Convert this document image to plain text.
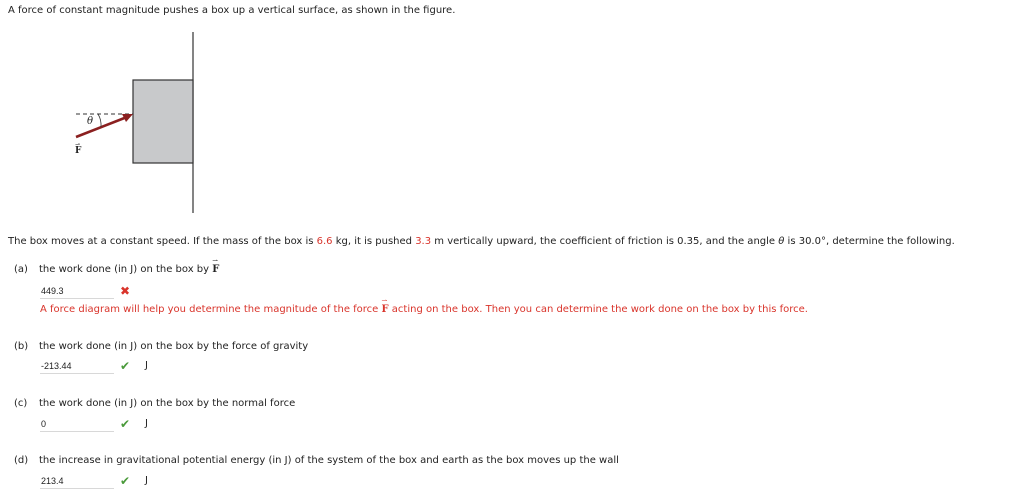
A force of constant magnitude pushes a box up a vertical surface, as shown in the figure.
θ
F
⇀
The box moves at a constant speed. If the mass of the box is 6.6 kg, it is pushed 3.3 m vertically upward, the coefficient of friction is 0.35, and the angle θ is 30.0°, determine the following.
(a) the work done (in J) on the box by ⇀ F
449.3	✖
A force diagram will help you determine the magnitude of the force ⇀ F acting on the box. Then you can determine the work done on the box by this force.
(b) the work done (in J) on the box by the force of gravity
-213.44	✔ J
(c) the work done (in J) on the box by the normal force
0	✔ J
(d) the increase in gravitational potential energy (in J) of the system of the box and earth as the box moves up the wall
213.4	✔ J
